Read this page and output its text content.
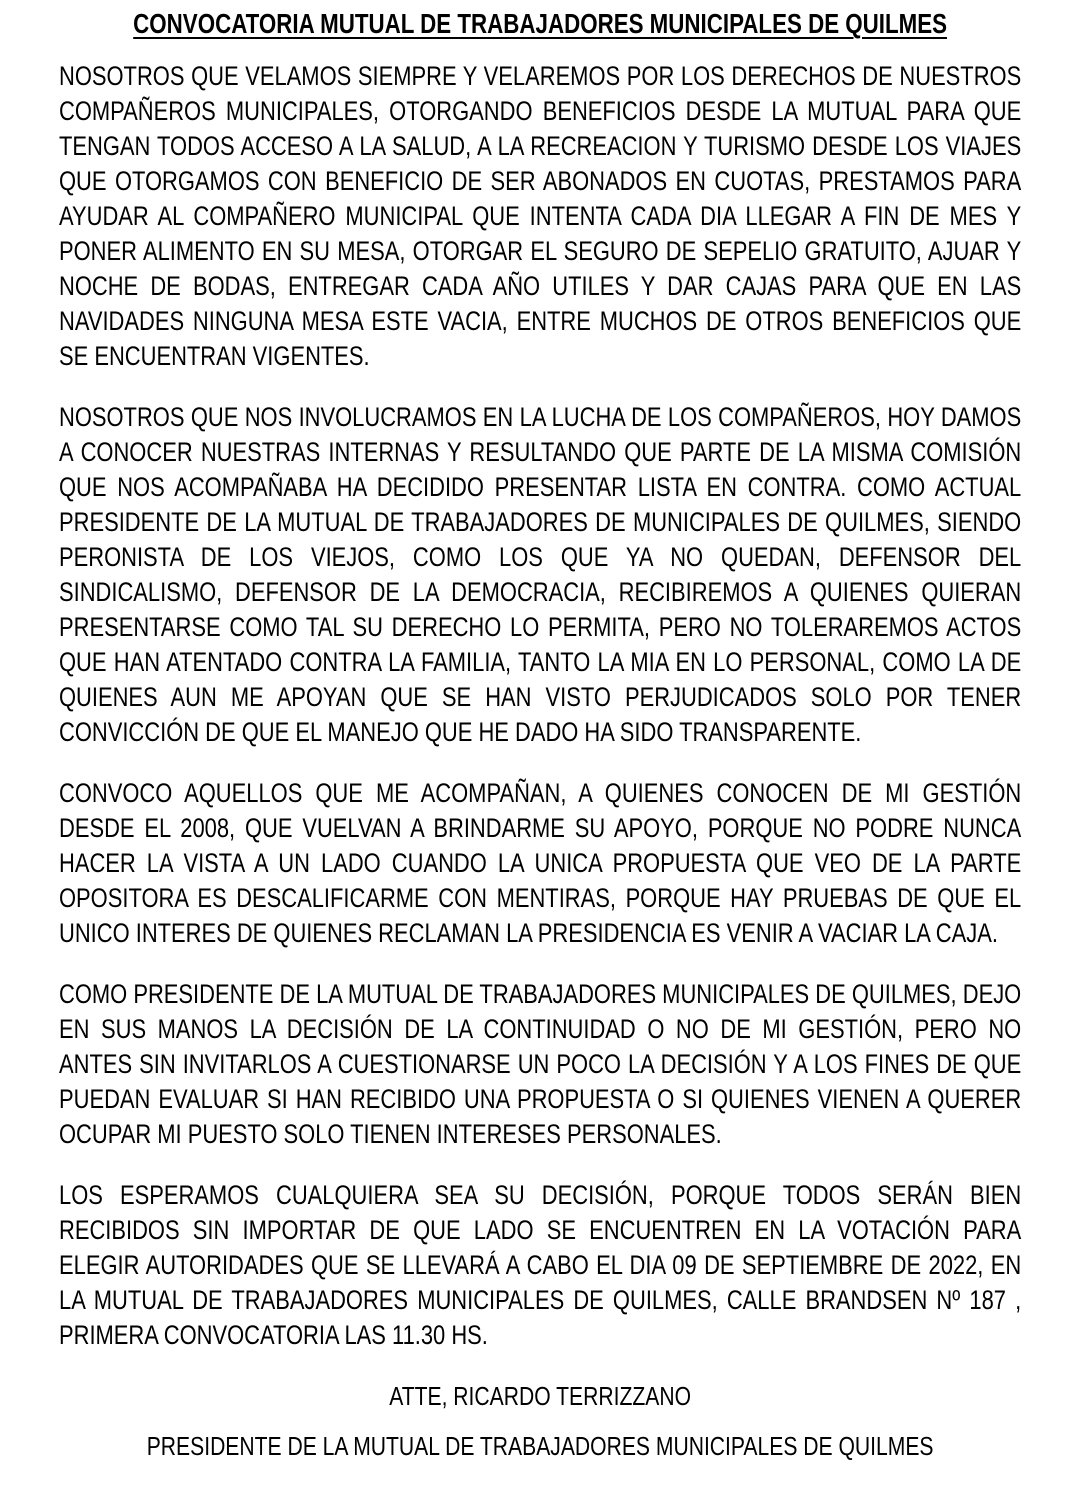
CONVOCATORIA MUTUAL DE TRABAJADORES MUNICIPALES DE QUILMES

NOSOTROS QUE VELAMOS SIEMPRE Y VELAREMOS POR LOS DERECHOS DE NUESTROS COMPAÑEROS MUNICIPALES, OTORGANDO BENEFICIOS DESDE LA MUTUAL PARA QUE TENGAN TODOS ACCESO A LA SALUD, A LA RECREACION Y TURISMO DESDE LOS VIAJES QUE OTORGAMOS CON BENEFICIO DE SER ABONADOS EN CUOTAS, PRESTAMOS PARA AYUDAR AL COMPAÑERO MUNICIPAL QUE INTENTA CADA DIA LLEGAR A FIN DE MES Y PONER ALIMENTO EN SU MESA, OTORGAR EL SEGURO DE SEPELIO GRATUITO, AJUAR Y NOCHE DE BODAS, ENTREGAR CADA AÑO UTILES Y DAR CAJAS PARA QUE EN LAS NAVIDADES NINGUNA MESA ESTE VACIA, ENTRE MUCHOS DE OTROS BENEFICIOS QUE SE ENCUENTRAN VIGENTES.

NOSOTROS QUE NOS INVOLUCRAMOS EN LA LUCHA DE LOS COMPAÑEROS, HOY DAMOS A CONOCER NUESTRAS INTERNAS Y RESULTANDO QUE PARTE DE LA MISMA COMISIÓN QUE NOS ACOMPAÑABA HA DECIDIDO PRESENTAR LISTA EN CONTRA. COMO ACTUAL PRESIDENTE DE LA MUTUAL DE TRABAJADORES DE MUNICIPALES DE QUILMES, SIENDO PERONISTA DE LOS VIEJOS, COMO LOS QUE YA NO QUEDAN, DEFENSOR DEL SINDICALISMO, DEFENSOR DE LA DEMOCRACIA, RECIBIREMOS A QUIENES QUIERAN PRESENTARSE COMO TAL SU DERECHO LO PERMITA, PERO NO TOLERAREMOS ACTOS QUE HAN ATENTADO CONTRA LA FAMILIA, TANTO LA MIA EN LO PERSONAL, COMO LA DE QUIENES AUN ME APOYAN QUE SE HAN VISTO PERJUDICADOS SOLO POR TENER CONVICCIÓN DE QUE EL MANEJO QUE HE DADO HA SIDO TRANSPARENTE.

CONVOCO AQUELLOS QUE ME ACOMPAÑAN, A QUIENES CONOCEN DE MI GESTIÓN DESDE EL 2008, QUE VUELVAN A BRINDARME SU APOYO, PORQUE NO PODRE NUNCA HACER LA VISTA A UN LADO CUANDO LA UNICA PROPUESTA QUE VEO DE LA PARTE OPOSITORA ES DESCALIFICARME CON MENTIRAS, PORQUE HAY PRUEBAS DE QUE EL UNICO INTERES DE QUIENES RECLAMAN LA PRESIDENCIA ES VENIR A VACIAR LA CAJA.

COMO PRESIDENTE DE LA MUTUAL DE TRABAJADORES MUNICIPALES DE QUILMES, DEJO EN SUS MANOS LA DECISIÓN DE LA CONTINUIDAD O NO DE MI GESTIÓN, PERO NO ANTES SIN INVITARLOS A CUESTIONARSE UN POCO LA DECISIÓN Y A LOS FINES DE QUE PUEDAN EVALUAR SI HAN RECIBIDO UNA PROPUESTA O SI QUIENES VIENEN A QUERER OCUPAR MI PUESTO SOLO TIENEN INTERESES PERSONALES.

LOS ESPERAMOS CUALQUIERA SEA SU DECISIÓN, PORQUE TODOS SERÁN BIEN RECIBIDOS SIN IMPORTAR DE QUE LADO SE ENCUENTREN EN LA VOTACIÓN PARA ELEGIR AUTORIDADES QUE SE LLEVARÁ A CABO EL DIA 09 DE SEPTIEMBRE DE 2022, EN LA MUTUAL DE TRABAJADORES MUNICIPALES DE QUILMES, CALLE BRANDSEN Nº 187 , PRIMERA CONVOCATORIA LAS 11.30 HS.

ATTE, RICARDO TERRIZZANO

PRESIDENTE DE LA MUTUAL DE TRABAJADORES MUNICIPALES DE QUILMES
